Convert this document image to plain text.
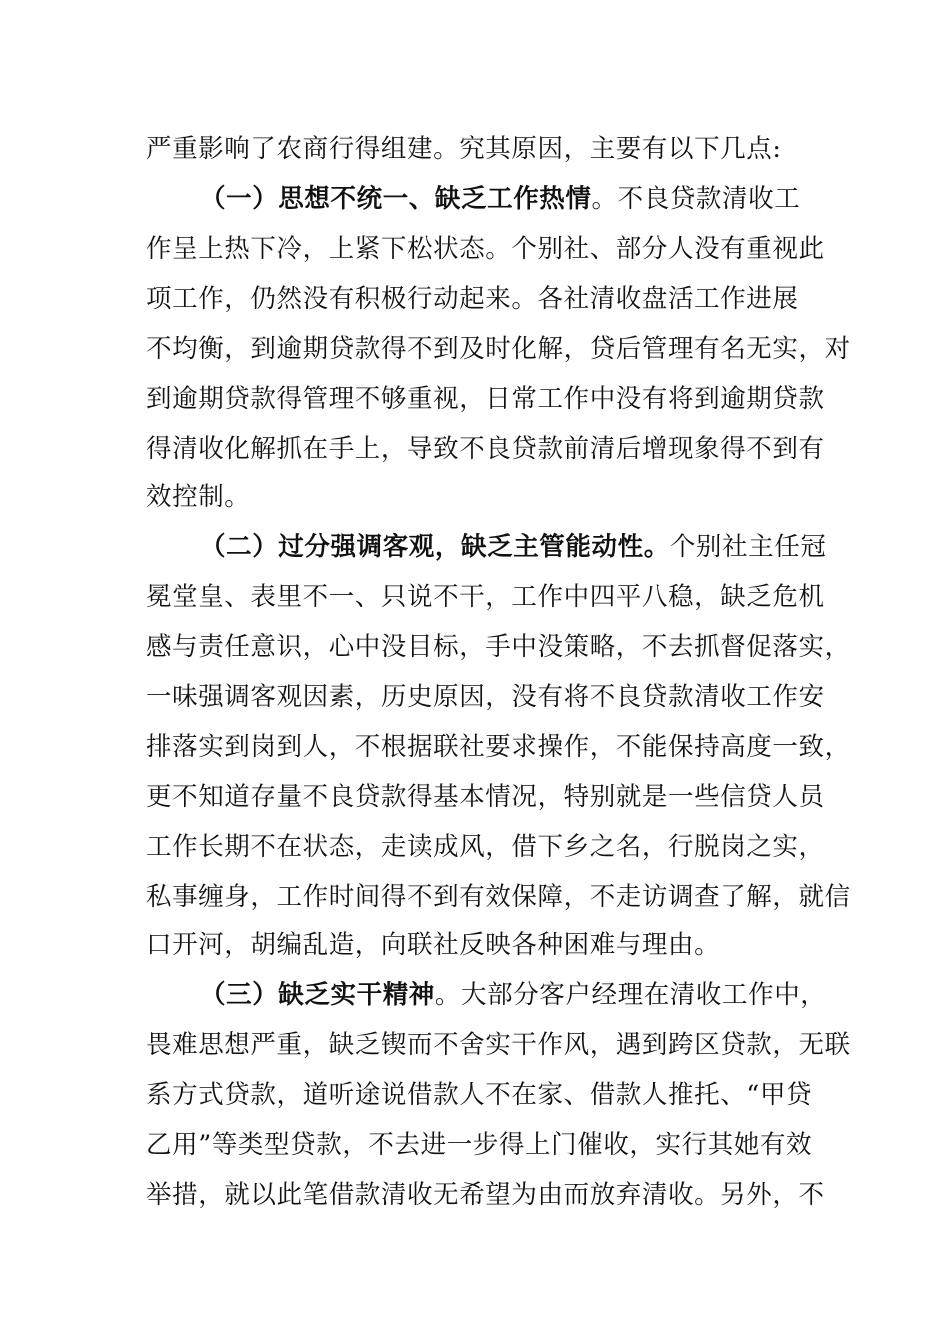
严重影响了农商行得组建。究其原因，主要有以下几点:
（一）思想不统一、缺乏工作热情。不良贷款清收工
作呈上热下冷，上紧下松状态。个别社、部分人没有重视此
项工作，仍然没有积极行动起来。各社清收盘活工作进展
不均衡，到逾期贷款得不到及时化解，贷后管理有名无实，对
到逾期贷款得管理不够重视，日常工作中没有将到逾期贷款
得清收化解抓在手上，导致不良贷款前清后增现象得不到有
效控制。
（二）过分强调客观，缺乏主管能动性。个别社主任冠
冕堂皇、表里不一、只说不干，工作中四平八稳，缺乏危机
感与责任意识，心中没目标，手中没策略，不去抓督促落实，
一味强调客观因素，历史原因，没有将不良贷款清收工作安
排落实到岗到人，不根据联社要求操作，不能保持高度一致，
更不知道存量不良贷款得基本情况，特别就是一些信贷人员
工作长期不在状态，走读成风，借下乡之名，行脱岗之实，
私事缠身，工作时间得不到有效保障，不走访调查了解，就信
口开河，胡编乱造，向联社反映各种困难与理由。
（三）缺乏实干精神。大部分客户经理在清收工作中，
畏难思想严重，缺乏锲而不舍实干作风，遇到跨区贷款，无联
系方式贷款，道听途说借款人不在家、借款人推托、“甲贷
乙用”等类型贷款，不去进一步得上门催收，实行其她有效
举措，就以此笔借款清收无希望为由而放弃清收。另外，不
